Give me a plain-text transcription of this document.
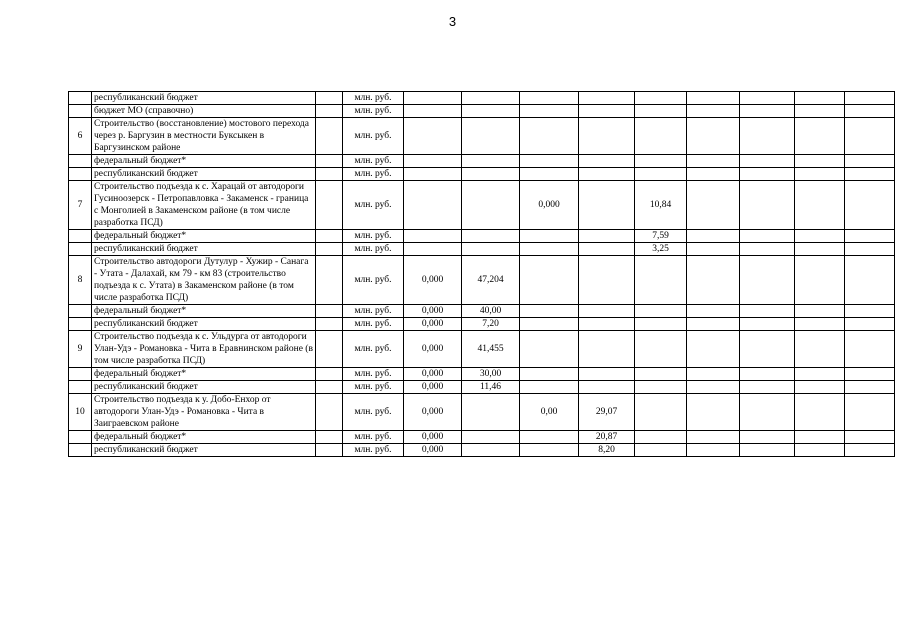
3
	республиканский бюджет		млн. руб.									
	бюджет МО (справочно)		млн. руб.									
6	Строительство (восстановление) мостового перехода через р. Баргузин в местности Буксыкен в Баргузинском районе		млн. руб.									
	федеральный бюджет*		млн. руб.									
	республиканский бюджет		млн. руб.									
7	Строительство подъезда к с. Харацай от автодороги Гусиноозерск - Петропавловка - Закаменск - граница с Монголией в Закаменском районе (в том числе разработка ПСД)		млн. руб.			0,000		10,84				
	федеральный бюджет*		млн. руб.					7,59				
	республиканский бюджет		млн. руб.					3,25				
8	Строительство автодороги Дутулур - Хужир - Санага - Утата - Далахай, км 79 - км 83 (строительство подъезда к с. Утата) в Закаменском районе (в том числе разработка ПСД)		млн. руб.	0,000	47,204							
	федеральный бюджет*		млн. руб.	0,000	40,00							
	республиканский бюджет		млн. руб.	0,000	7,20							
9	Строительство подъезда к с. Ульдурга от автодороги Улан-Удэ - Романовка - Чита в Еравнинском районе (в том числе разработка ПСД)		млн. руб.	0,000	41,455							
	федеральный бюджет*		млн. руб.	0,000	30,00							
	республиканский бюджет		млн. руб.	0,000	11,46							
10	Строительство подъезда к у. Добо-Енхор от автодороги Улан-Удэ - Романовка - Чита в Заиграевском районе		млн. руб.	0,000		0,00	29,07					
	федеральный бюджет*		млн. руб.	0,000			20,87					
	республиканский бюджет		млн. руб.	0,000			8,20					
